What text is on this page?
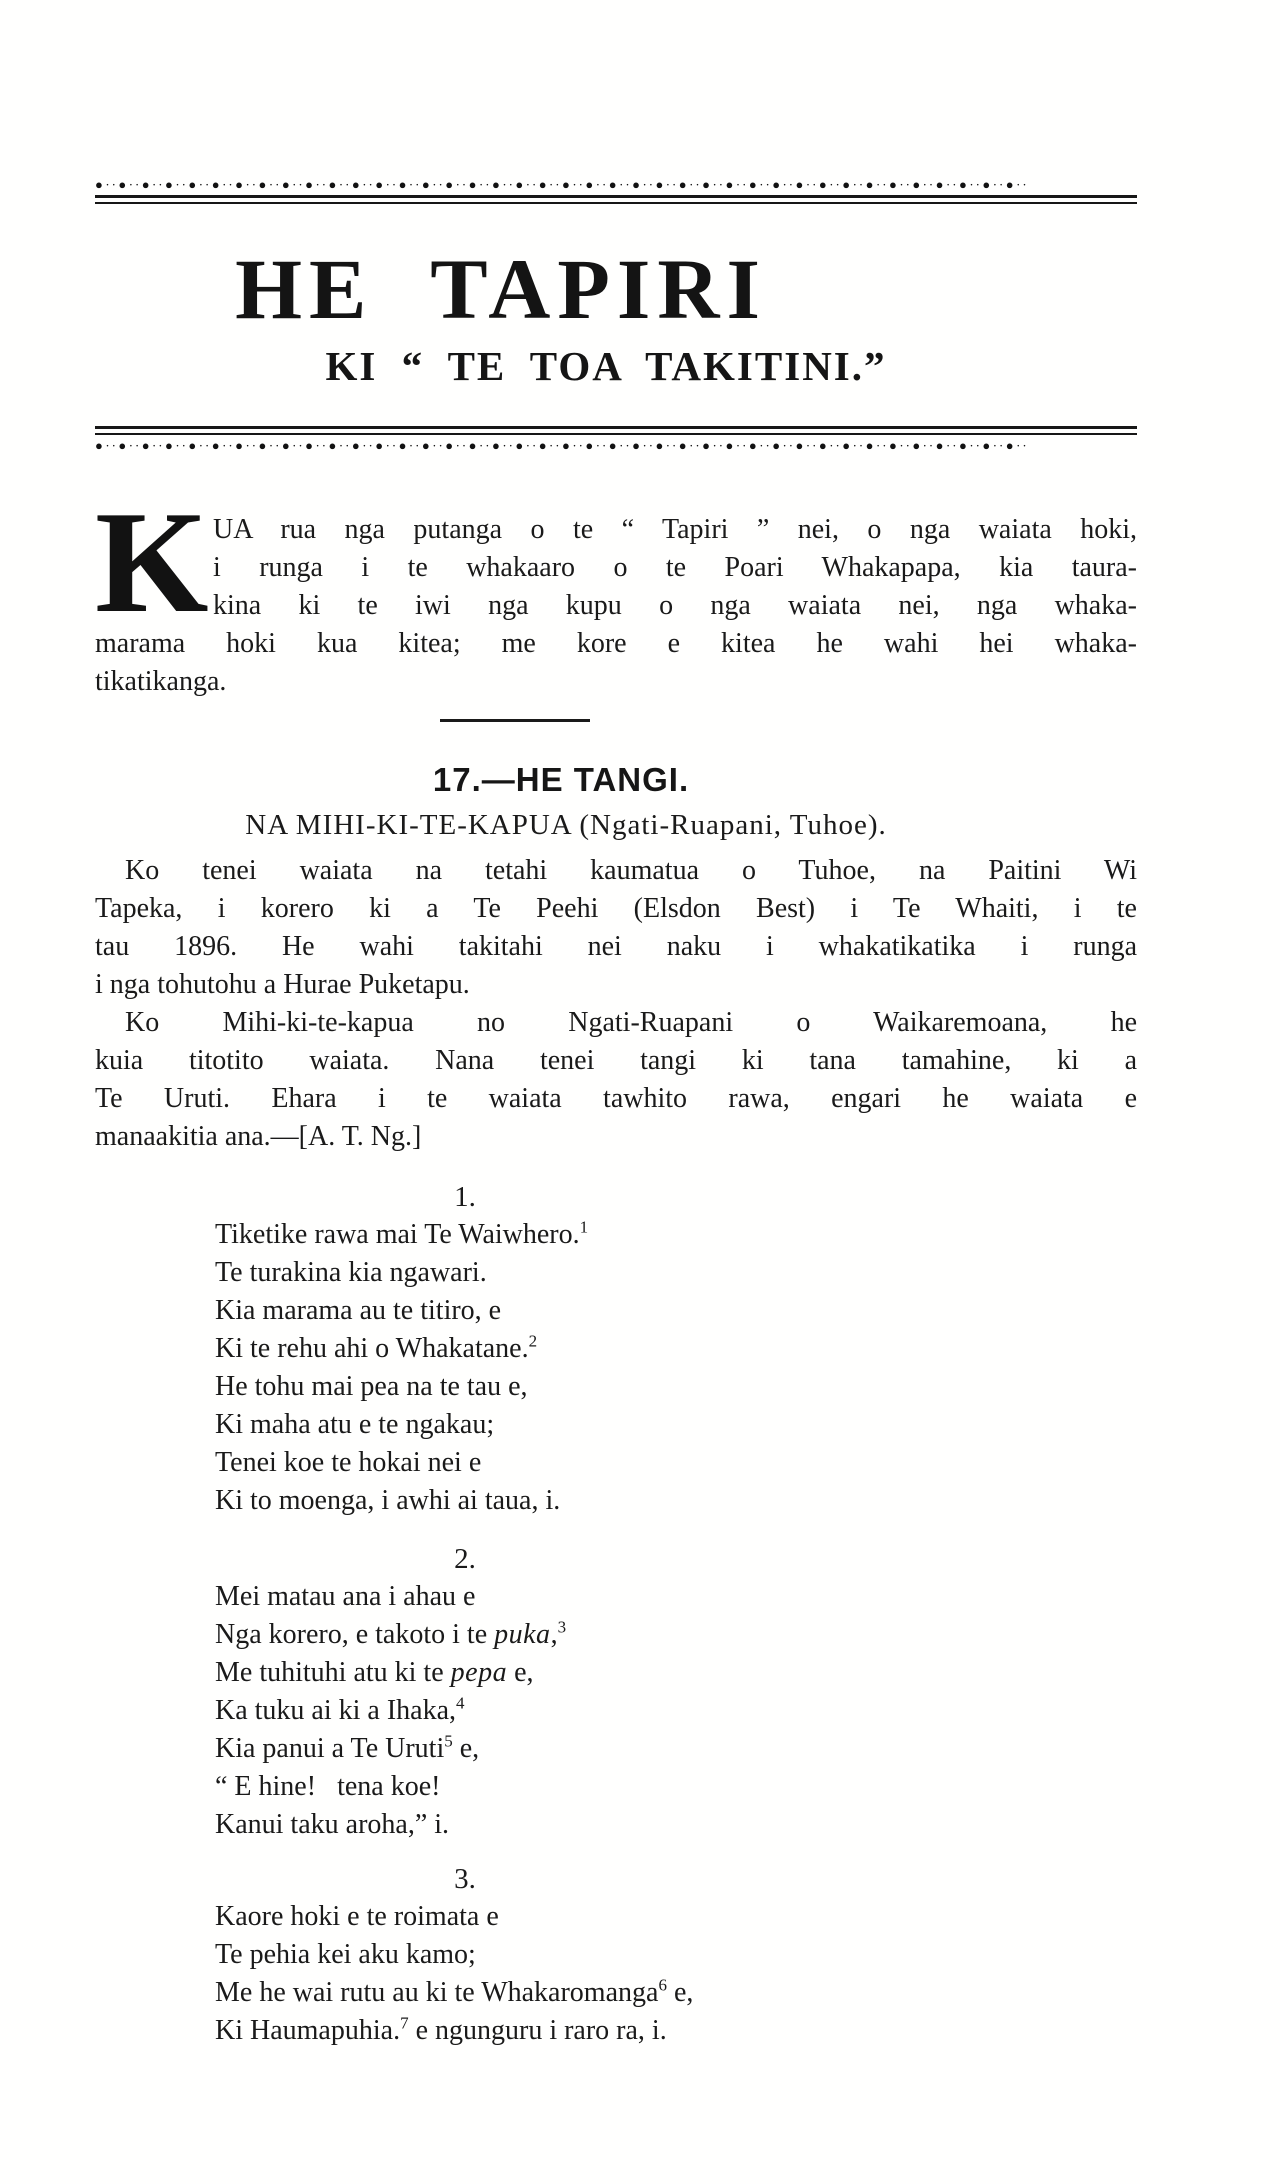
●∙∙●∙∙●∙∙●∙∙●∙∙●∙∙●∙∙●∙∙●∙∙●∙∙●∙∙●∙∙●∙∙●∙∙●∙∙●∙∙●∙∙●∙∙●∙∙●∙∙●∙∙●∙∙●∙∙●∙∙●∙∙●∙∙●∙∙●∙∙●∙∙●∙∙●∙∙●∙∙●∙∙●∙∙●∙∙●∙∙●∙∙●∙∙●∙∙●∙∙
HE TAPIRI
KI “ TE TOA TAKITINI.”
●∙∙●∙∙●∙∙●∙∙●∙∙●∙∙●∙∙●∙∙●∙∙●∙∙●∙∙●∙∙●∙∙●∙∙●∙∙●∙∙●∙∙●∙∙●∙∙●∙∙●∙∙●∙∙●∙∙●∙∙●∙∙●∙∙●∙∙●∙∙●∙∙●∙∙●∙∙●∙∙●∙∙●∙∙●∙∙●∙∙●∙∙●∙∙●∙∙●∙∙
K UA rua nga putanga o te “ Tapiri ” nei, o nga waiata hoki,
i runga i te whakaaro o te Poari Whakapapa, kia taura-
kina ki te iwi nga kupu o nga waiata nei, nga whaka-
marama hoki kua kitea; me kore e kitea he wahi hei whaka-
tikatikanga.
17.—HE TANGI.
NA MIHI-KI-TE-KAPUA (Ngati-Ruapani, Tuhoe).
Ko tenei waiata na tetahi kaumatua o Tuhoe, na Paitini Wi
Tapeka, i korero ki a Te Peehi (Elsdon Best) i Te Whaiti, i te
tau 1896. He wahi takitahi nei naku i whakatikatika i runga
i nga tohutohu a Hurae Puketapu.
Ko Mihi-ki-te-kapua no Ngati-Ruapani o Waikaremoana, he
kuia titotito waiata. Nana tenei tangi ki tana tamahine, ki a
Te Uruti. Ehara i te waiata tawhito rawa, engari he waiata e
manaakitia ana.—[A. T. Ng.]
1.
Tiketike rawa mai Te Waiwhero.$^1$
Te turakina kia ngawari.
Kia marama au te titiro, e
Ki te rehu ahi o Whakatane.$^2$
He tohu mai pea na te tau e,
Ki maha atu e te ngakau;
Tenei koe te hokai nei e
Ki to moenga, i awhi ai taua, i.
2.
Mei matau ana i ahau e
Nga korero, e takoto i te puka,$^3$
Me tuhituhi atu ki te pepa e,
Ka tuku ai ki a Ihaka,$^4$
Kia panui a Te Uruti$^5$ e,
“ E hine!   tena koe!
Kanui taku aroha,” i.
3.
Kaore hoki e te roimata e
Te pehia kei aku kamo;
Me he wai rutu au ki te Whakaromanga$^6$ e,
Ki Haumapuhia.$^7$ e ngunguru i raro ra, i.
